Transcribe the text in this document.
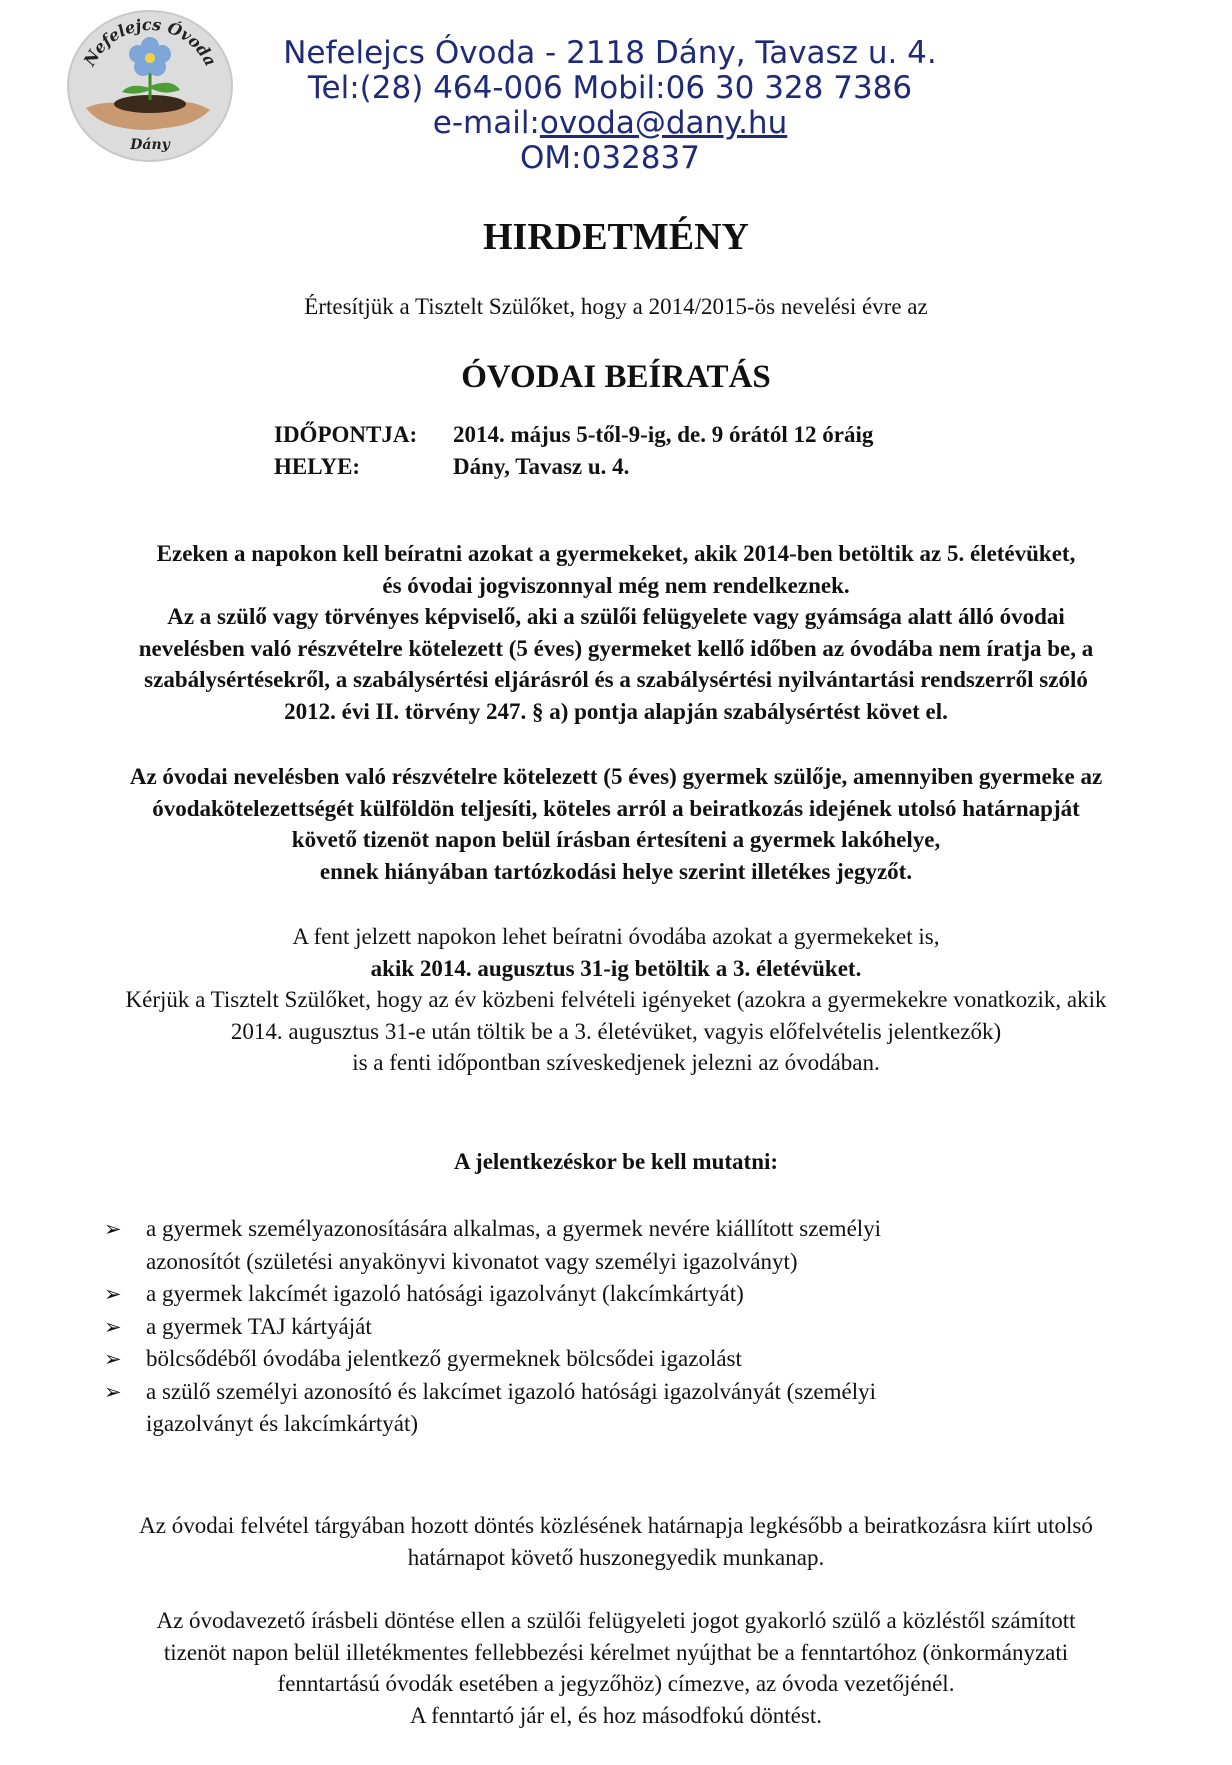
Nefelejcs Óvoda
Dány
Nefelejcs Óvoda - 2118 Dány, Tavasz u. 4.
Tel:(28) 464-006 Mobil:06 30 328 7386
e-mail:ovoda@dany.hu
OM:032837
HIRDETMÉNY
Értesítjük a Tisztelt Szülőket, hogy a 2014/2015-ös nevelési évre az
ÓVODAI BEÍRATÁS
IDŐPONTJA:	2014. május 5-től-9-ig, de. 9 órától 12 óráig
HELYE:	Dány, Tavasz u. 4.
Ezeken a napokon kell beíratni azokat a gyermekeket, akik 2014-ben betöltik az 5. életévüket,
és óvodai jogviszonnyal még nem rendelkeznek.
Az a szülő vagy törvényes képviselő, aki a szülői felügyelete vagy gyámsága alatt álló óvodai
nevelésben való részvételre kötelezett (5 éves) gyermeket kellő időben az óvodába nem íratja be, a
szabálysértésekről, a szabálysértési eljárásról és a szabálysértési nyilvántartási rendszerről szóló
2012. évi II. törvény 247. § a) pontja alapján szabálysértést követ el.
Az óvodai nevelésben való részvételre kötelezett (5 éves) gyermek szülője, amennyiben gyermeke az
óvodakötelezettségét külföldön teljesíti, köteles arról a beiratkozás idejének utolsó határnapját
követő tizenöt napon belül írásban értesíteni a gyermek lakóhelye,
ennek hiányában tartózkodási helye szerint illetékes jegyzőt.
A fent jelzett napokon lehet beíratni óvodába azokat a gyermekeket is,
akik 2014. augusztus 31-ig betöltik a 3. életévüket.
Kérjük a Tisztelt Szülőket, hogy az év közbeni felvételi igényeket (azokra a gyermekekre vonatkozik, akik
2014. augusztus 31-e után töltik be a 3. életévüket, vagyis előfelvételis jelentkezők)
is a fenti időpontban szíveskedjenek jelezni az óvodában.
A jelentkezéskor be kell mutatni:
➢	a gyermek személyazonosítására alkalmas, a gyermek nevére kiállított személyi
azonosítót (születési anyakönyvi kivonatot vagy személyi igazolványt)
➢	a gyermek lakcímét igazoló hatósági igazolványt (lakcímkártyát)
➢	a gyermek TAJ kártyáját
➢	bölcsődéből óvodába jelentkező gyermeknek bölcsődei igazolást
➢	a szülő személyi azonosító és lakcímet igazoló hatósági igazolványát (személyi
igazolványt és lakcímkártyát)
Az óvodai felvétel tárgyában hozott döntés közlésének határnapja legkésőbb a beiratkozásra kiírt utolsó
határnapot követő huszonegyedik munkanap.
Az óvodavezető írásbeli döntése ellen a szülői felügyeleti jogot gyakorló szülő a közléstől számított
tizenöt napon belül illetékmentes fellebbezési kérelmet nyújthat be a fenntartóhoz (önkormányzati
fenntartású óvodák esetében a jegyzőhöz) címezve, az óvoda vezetőjénél.
A fenntartó jár el, és hoz másodfokú döntést.
